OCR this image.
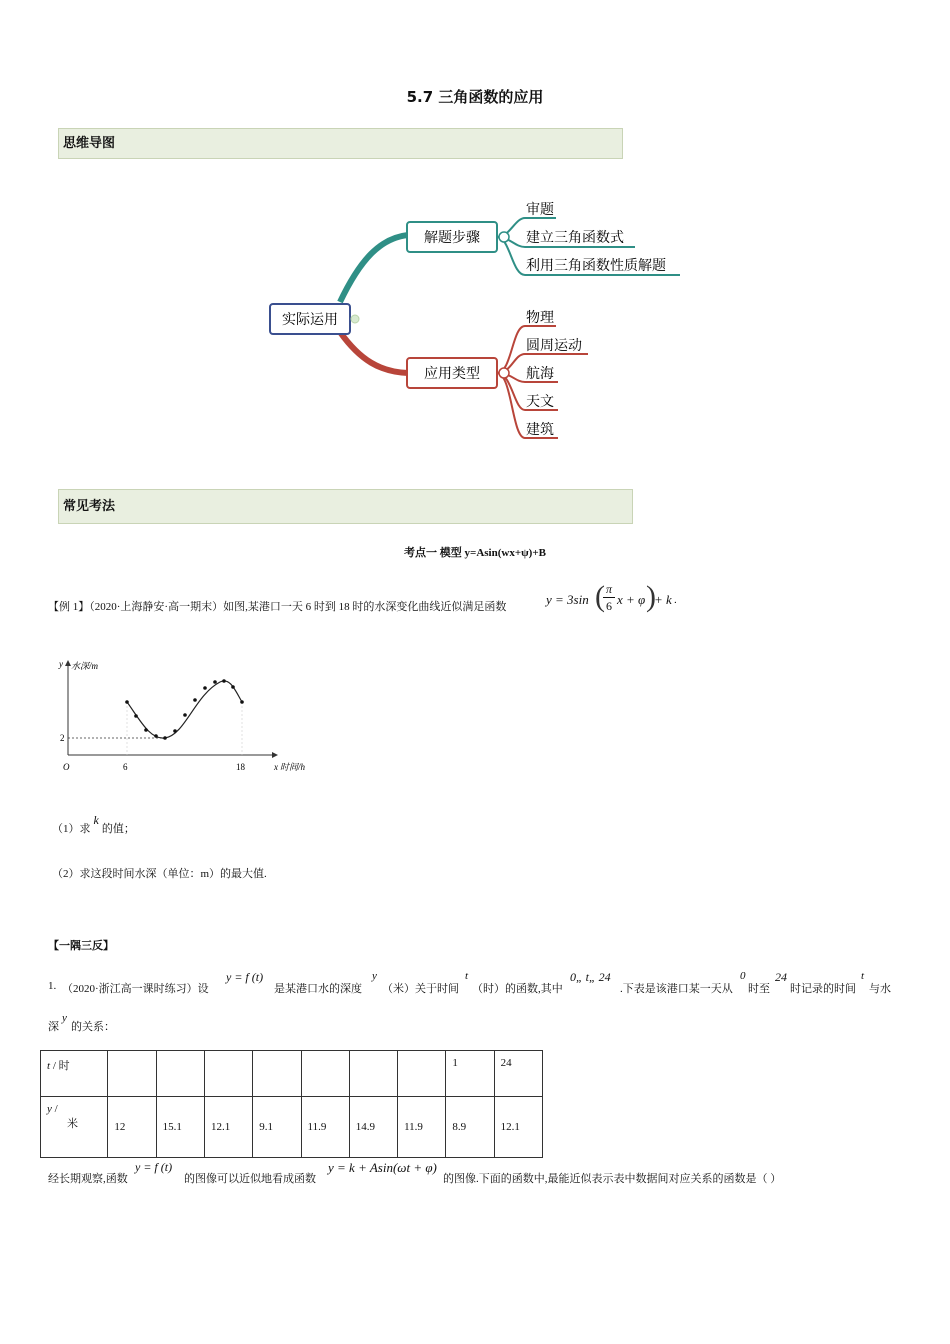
5.7 三角函数的应用
思维导图
实际运用
解题步骤
审题
建立三角函数式
利用三角函数性质解题
应用类型
物理
圆周运动
航海
天文
建筑
常见考法
考点一 模型 y=Asin(wx+ψ)+B
【例 1】（2020·上海静安·高一期末）如图,某港口一天 6 时到 18 时的水深变化曲线近似满足函数	y = 3sin ( π
6 x + φ )
+ k .
y 水深/m
O	6	18
2
x 时间/h
（1）求k的值；
（2）求这段时间水深（单位：m）的最大值.
【一隅三反】
1. （2020·浙江高一课时练习）设
y = f (t)
是某港口水的深度
y
（米）关于时间
t
（时）的函数,其中
0„ t„ 24
.下表是该港口某一天从
0
时至
24
时记录的时间
t
与水
深
y
的关系：
t / 时								1	24

y /
米	12	15.1	12.1	9.1	11.9	14.9	11.9	8.9	12.1
经长期观察,函数
y = f (t)
的图像可以近似地看成函数
y = k + Asin(ωt + φ)
的图像.下面的函数中,最能近似表示表中数据间对应关系的函数是（ ）
